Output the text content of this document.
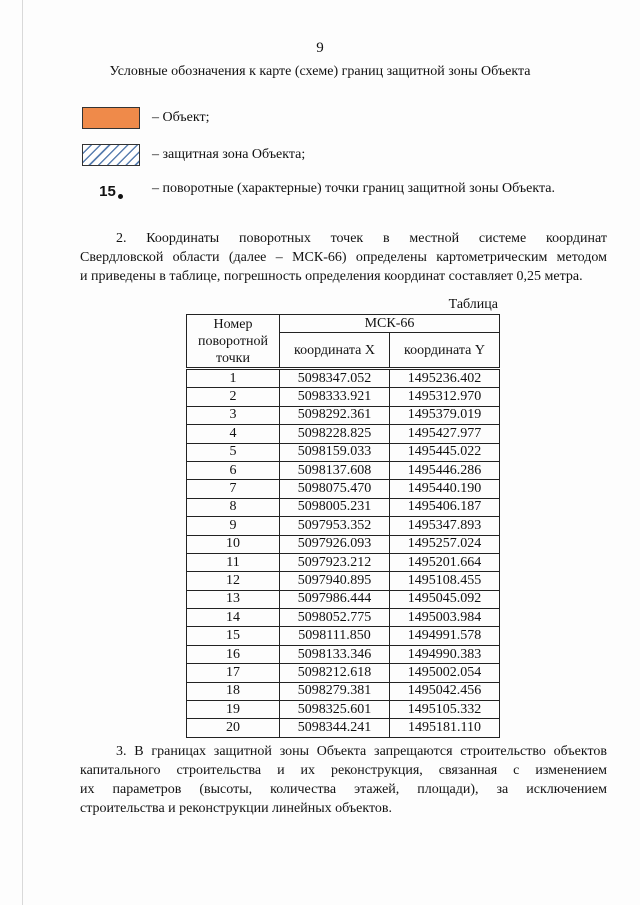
9
Условные обозначения к карте (схеме) границ защитной зоны Объекта
– Объект;
– защитная зона Объекта;
15	– поворотные (характерные) точки границ защитной зоны Объекта.
2. Координаты поворотных точек в местной системе координат
Свердловской области (далее – МСК-66) определены картометрическим методом
и приведены в таблице, погрешность определения координат составляет 0,25 метра.
Таблица
Номер поворотной точки	МСК-66	
	координата X	координата Y
1	5098347.052	1495236.402
2	5098333.921	1495312.970
3	5098292.361	1495379.019
4	5098228.825	1495427.977
5	5098159.033	1495445.022
6	5098137.608	1495446.286
7	5098075.470	1495440.190
8	5098005.231	1495406.187
9	5097953.352	1495347.893
10	5097926.093	1495257.024
11	5097923.212	1495201.664
12	5097940.895	1495108.455
13	5097986.444	1495045.092
14	5098052.775	1495003.984
15	5098111.850	1494991.578
16	5098133.346	1494990.383
17	5098212.618	1495002.054
18	5098279.381	1495042.456
19	5098325.601	1495105.332
20	5098344.241	1495181.110
3. В границах защитной зоны Объекта запрещаются строительство объектов
капитального строительства и их реконструкция, связанная с изменением
их параметров (высоты, количества этажей, площади), за исключением
строительства и реконструкции линейных объектов.
